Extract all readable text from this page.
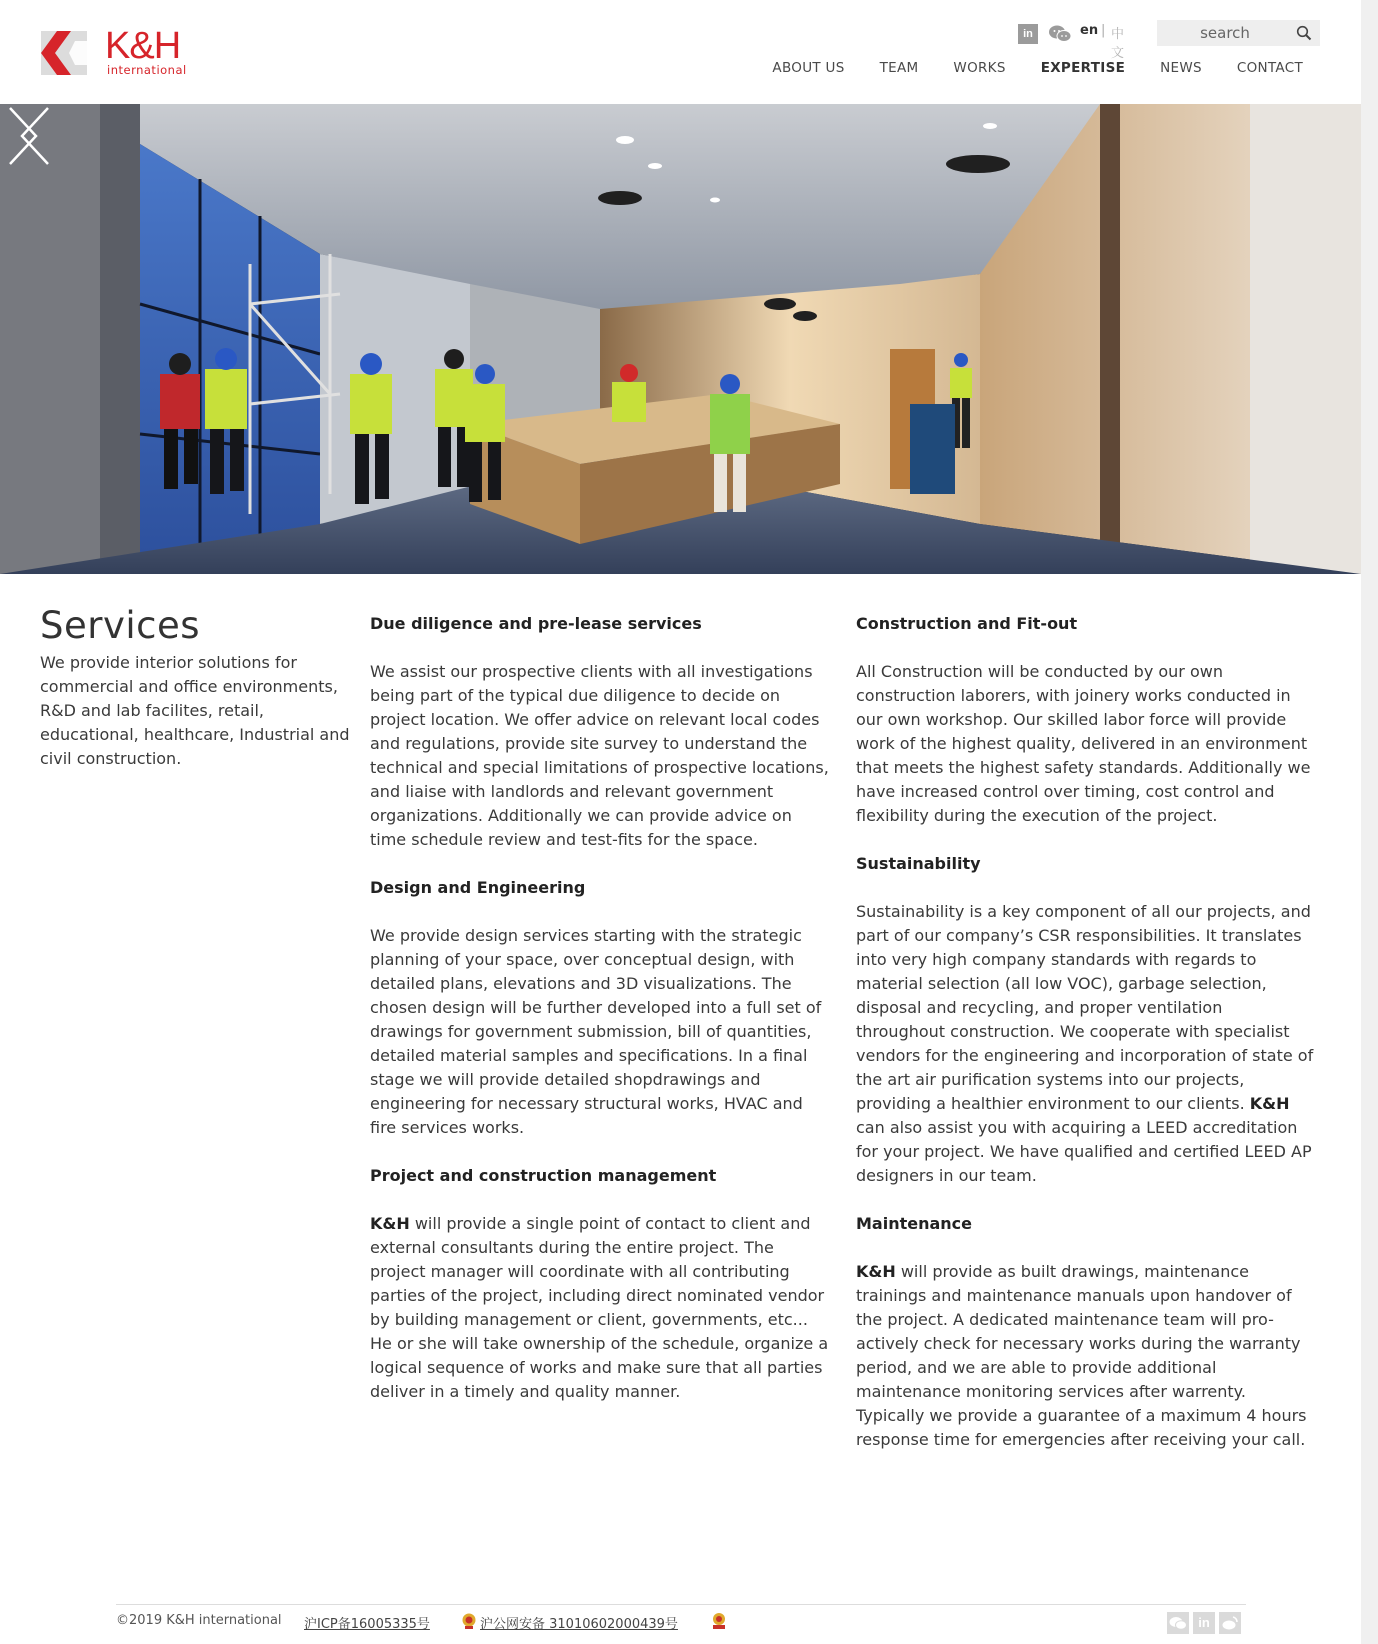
K&H
international
in	en | 中文
search
ABOUT US	TEAM	WORKS	EXPERTISE	NEWS	CONTACT
Services

We provide interior solutions for commercial and office environments, R&D and lab facilites, retail, educational, healthcare, Industrial and civil construction.

Due diligence and pre-lease services

We assist our prospective clients with all investigations being part of the typical due diligence to decide on project location. We offer advice on relevant local codes and regulations, provide site survey to understand the technical and special limitations of prospective locations, and liaise with landlords and relevant government organizations. Additionally we can provide advice on time schedule review and test-fits for the space.

Design and Engineering

We provide design services starting with the strategic planning of your space, over conceptual design, with detailed plans, elevations and 3D visualizations. The chosen design will be further developed into a full set of drawings for government submission, bill of quantities, detailed material samples and specifications. In a final stage we will provide detailed shopdrawings and engineering for necessary structural works, HVAC and fire services works.

Project and construction management

K&H will provide a single point of contact to client and external consultants during the entire project. The project manager will coordinate with all contributing parties of the project, including direct nominated vendor by building management or client, governments, etc... He or she will take ownership of the schedule, organize a logical sequence of works and make sure that all parties deliver in a timely and quality manner.

Construction and Fit-out

All Construction will be conducted by our own construction laborers, with joinery works conducted in our own workshop. Our skilled labor force will provide work of the highest quality, delivered in an environment that meets the highest safety standards. Additionally we have increased control over timing, cost control and flexibility during the execution of the project.

Sustainability

Sustainability is a key component of all our projects, and part of our company’s CSR responsibilities. It translates into very high company standards with regards to material selection (all low VOC), garbage selection, disposal and recycling, and proper ventilation throughout construction. We cooperate with specialist vendors for the engineering and incorporation of state of the art air purification systems into our projects, providing a healthier environment to our clients. K&H can also assist you with acquiring a LEED accreditation for your project. We have qualified and certified LEED AP designers in our team.

Maintenance

K&H will provide as built drawings, maintenance trainings and maintenance manuals upon handover of the project. A dedicated maintenance team will pro-actively check for necessary works during the warranty period, and we are able to provide additional maintenance monitoring services after warrenty.

Typically we provide a guarantee of a maximum 4 hours response time for emergencies after receiving your call.

©2019 K&H international 沪ICP备16005335号	沪公网安备 31010602000439号	in
